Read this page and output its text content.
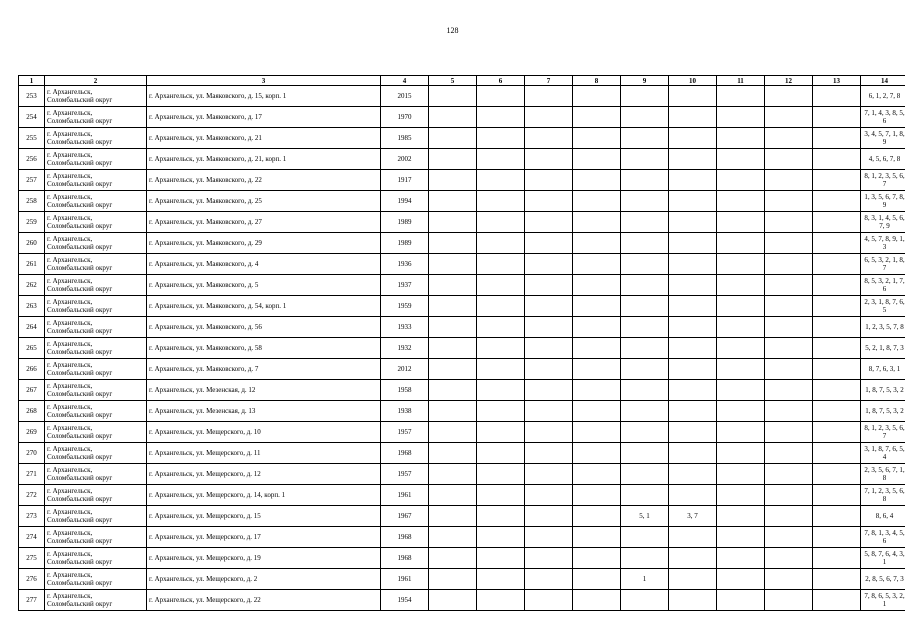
128
1	2	3	4	5	6	7	8	9	10	11	12	13	14
253	г. Архангельск,
Соломбальский округ	г. Архангельск, ул. Маяковского, д. 15, корп. 1	2015										6, 1, 2, 7, 8
254	г. Архангельск,
Соломбальский округ	г. Архангельск, ул. Маяковского, д. 17	1970										7, 1, 4, 3, 8, 5, 6
255	г. Архангельск,
Соломбальский округ	г. Архангельск, ул. Маяковского, д. 21	1985										3, 4, 5, 7, 1, 8, 9
256	г. Архангельск,
Соломбальский округ	г. Архангельск, ул. Маяковского, д. 21, корп. 1	2002										4, 5, 6, 7, 8
257	г. Архангельск,
Соломбальский округ	г. Архангельск, ул. Маяковского, д. 22	1917										8, 1, 2, 3, 5, 6, 7
258	г. Архангельск,
Соломбальский округ	г. Архангельск, ул. Маяковского, д. 25	1994										1, 3, 5, 6, 7, 8, 9
259	г. Архангельск,
Соломбальский округ	г. Архангельск, ул. Маяковского, д. 27	1989										8, 3, 1, 4, 5, 6, 7, 9
260	г. Архангельск,
Соломбальский округ	г. Архангельск, ул. Маяковского, д. 29	1989										4, 5, 7, 8, 9, 1, 3
261	г. Архангельск,
Соломбальский округ	г. Архангельск, ул. Маяковского, д. 4	1936										6, 5, 3, 2, 1, 8, 7
262	г. Архангельск,
Соломбальский округ	г. Архангельск, ул. Маяковского, д. 5	1937										8, 5, 3, 2, 1, 7, 6
263	г. Архангельск,
Соломбальский округ	г. Архангельск, ул. Маяковского, д. 54, корп. 1	1959										2, 3, 1, 8, 7, 6, 5
264	г. Архангельск,
Соломбальский округ	г. Архангельск, ул. Маяковского, д. 56	1933										1, 2, 3, 5, 7, 8
265	г. Архангельск,
Соломбальский округ	г. Архангельск, ул. Маяковского, д. 58	1932										5, 2, 1, 8, 7, 3
266	г. Архангельск,
Соломбальский округ	г. Архангельск, ул. Маяковского, д. 7	2012										8, 7, 6, 3, 1
267	г. Архангельск,
Соломбальский округ	г. Архангельск, ул. Мезенская, д. 12	1958										1, 8, 7, 5, 3, 2
268	г. Архангельск,
Соломбальский округ	г. Архангельск, ул. Мезенская, д. 13	1938										1, 8, 7, 5, 3, 2
269	г. Архангельск,
Соломбальский округ	г. Архангельск, ул. Мещерского, д. 10	1957										8, 1, 2, 3, 5, 6, 7
270	г. Архангельск,
Соломбальский округ	г. Архангельск, ул. Мещерского, д. 11	1968										3, 1, 8, 7, 6, 5, 4
271	г. Архангельск,
Соломбальский округ	г. Архангельск, ул. Мещерского, д. 12	1957										2, 3, 5, 6, 7, 1, 8
272	г. Архангельск,
Соломбальский округ	г. Архангельск, ул. Мещерского, д. 14, корп. 1	1961										7, 1, 2, 3, 5, 6, 8
273	г. Архангельск,
Соломбальский округ	г. Архангельск, ул. Мещерского, д. 15	1967					5, 1	3, 7				8, 6, 4
274	г. Архангельск,
Соломбальский округ	г. Архангельск, ул. Мещерского, д. 17	1968										7, 8, 1, 3, 4, 5, 6
275	г. Архангельск,
Соломбальский округ	г. Архангельск, ул. Мещерского, д. 19	1968										5, 8, 7, 6, 4, 3, 1
276	г. Архангельск,
Соломбальский округ	г. Архангельск, ул. Мещерского, д. 2	1961					1					2, 8, 5, 6, 7, 3
277	г. Архангельск,
Соломбальский округ	г. Архангельск, ул. Мещерского, д. 22	1954										7, 8, 6, 5, 3, 2, 1
